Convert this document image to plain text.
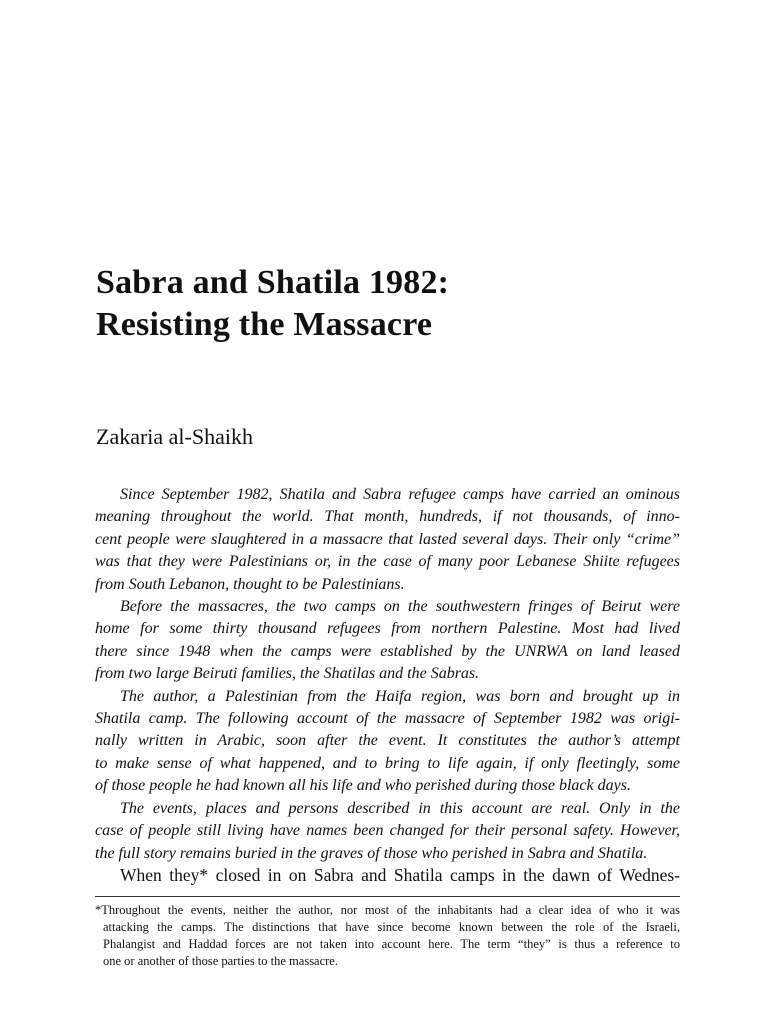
Sabra and Shatila 1982:
Resisting the Massacre
Zakaria al-Shaikh
Since September 1982, Shatila and Sabra refugee camps have carried an ominous
meaning throughout the world. That month, hundreds, if not thousands, of inno-
cent people were slaughtered in a massacre that lasted several days. Their only “crime”
was that they were Palestinians or, in the case of many poor Lebanese Shiite refugees
from South Lebanon, thought to be Palestinians.
Before the massacres, the two camps on the southwestern fringes of Beirut were
home for some thirty thousand refugees from northern Palestine. Most had lived
there since 1948 when the camps were established by the UNRWA on land leased
from two large Beiruti families, the Shatilas and the Sabras.
The author, a Palestinian from the Haifa region, was born and brought up in
Shatila camp. The following account of the massacre of September 1982 was origi-
nally written in Arabic, soon after the event. It constitutes the author’s attempt
to make sense of what happened, and to bring to life again, if only fleetingly, some
of those people he had known all his life and who perished during those black days.
The events, places and persons described in this account are real. Only in the
case of people still living have names been changed for their personal safety. However,
the full story remains buried in the graves of those who perished in Sabra and Shatila.
When they* closed in on Sabra and Shatila camps in the dawn of Wednes-
*Throughout the events, neither the author, nor most of the inhabitants had a clear idea of who it was
attacking the camps. The distinctions that have since become known between the role of the Israeli,
Phalangist and Haddad forces are not taken into account here. The term “they” is thus a reference to
one or another of those parties to the massacre.
